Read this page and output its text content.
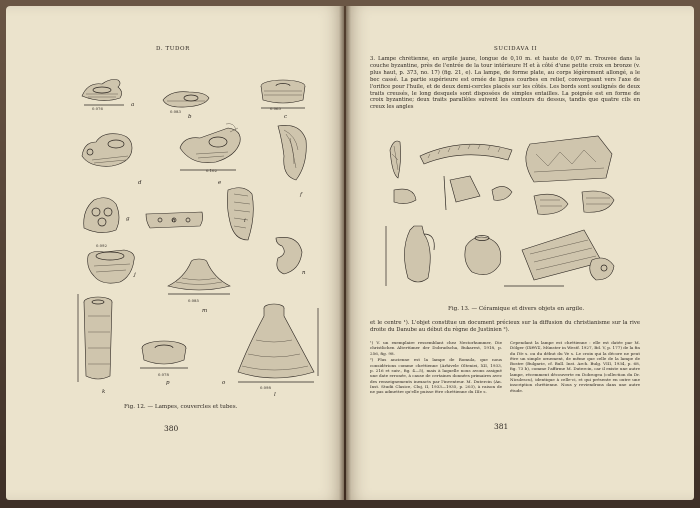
D. TUDOR
0.076
a
0.083
b
0.065
c
d
0.102
e
f
g	h	i
0.092
j
0.085
m
n
k
0.078
p
0.098
l
o
Fig. 12. — Lampes, couvercles et tubes.
380
SUCIDAVA II

3. Lampe chrétienne, en argile jaune, longue de 0,10 m. et haute de 0,07 m. Trouvée dans la couche byzantine, près de l'entrée de la tour intérieure H et à côté d'une petite croix en bronze (v. plus haut, p. 373, no. 17) (fig. 21, e). La lampe, de forme plate, au corps légèrement allongé, a le bec cassé. La partie supérieure est ornée de lignes courbes en relief, convergeant vers l'axe de l'orifice pour l'huile, et de deux demi-cercles placés sur les côtés. Les bords sont soulignés de deux traits creusés, le long desquels sont disposées de simples entailles. La poignée est en forme de croix byzantine; deux traits parallèles suivent les contours du dessus, tandis que quatre cils en creux les angles

Fig. 13. — Céramique et divers objets en argile.

et le centre ¹). L'objet constitue un document précieux sur la diffusion du christianisme sur la rive droite du Danube au début du règne de Justinien ²).

¹) V. un exemplaire ressemblant chez Nestorhummer, Die christlichen Altertümer der Dobrudscha, Bukarest, 1918, p. 256, fig. 98.

²) Plus ancienne est la lampe de Romula, que nous considérions comme chrétienne (Arhivele Olteniei, XII, 1933, p. 216 et suiv., fig. 4—5), mais à laquelle nous avons assigné une date erronée, à cause de certaines données primaires avec des renseignements inexacts par l'inventeur. M. Dutercin (An. Inst. Studii Clasice, Cluj, II, 1933—1935, p. 203), à raison de ne pas admettre qu'elle puisse être chrétienne du IIIe s.

Cependant la lampe est chrétienne : elle est datée par M. Dölger (ΙΧΘΥΣ, Münster in Westf. 1927, Bd. V, p. 177) de la fin du IVe s. ou du début du Ve s. Le croix qui la décore ne peut être un simple ornement, de même que celle de la lampe de Bostre (Bulgarie, cf. Bull. Inst. Arch. Bulg. VIII, 1934, p. 68, fig. 73 b), comme l'affirme M. Dutercin, car il existe une autre lampe, récemment découverte en Dobrogea (collection du Dr. Niculescu), identique à celle-ci, et qui présente en outre une inscription chrétienne. Nous y reviendrons dans une autre étude.

381
